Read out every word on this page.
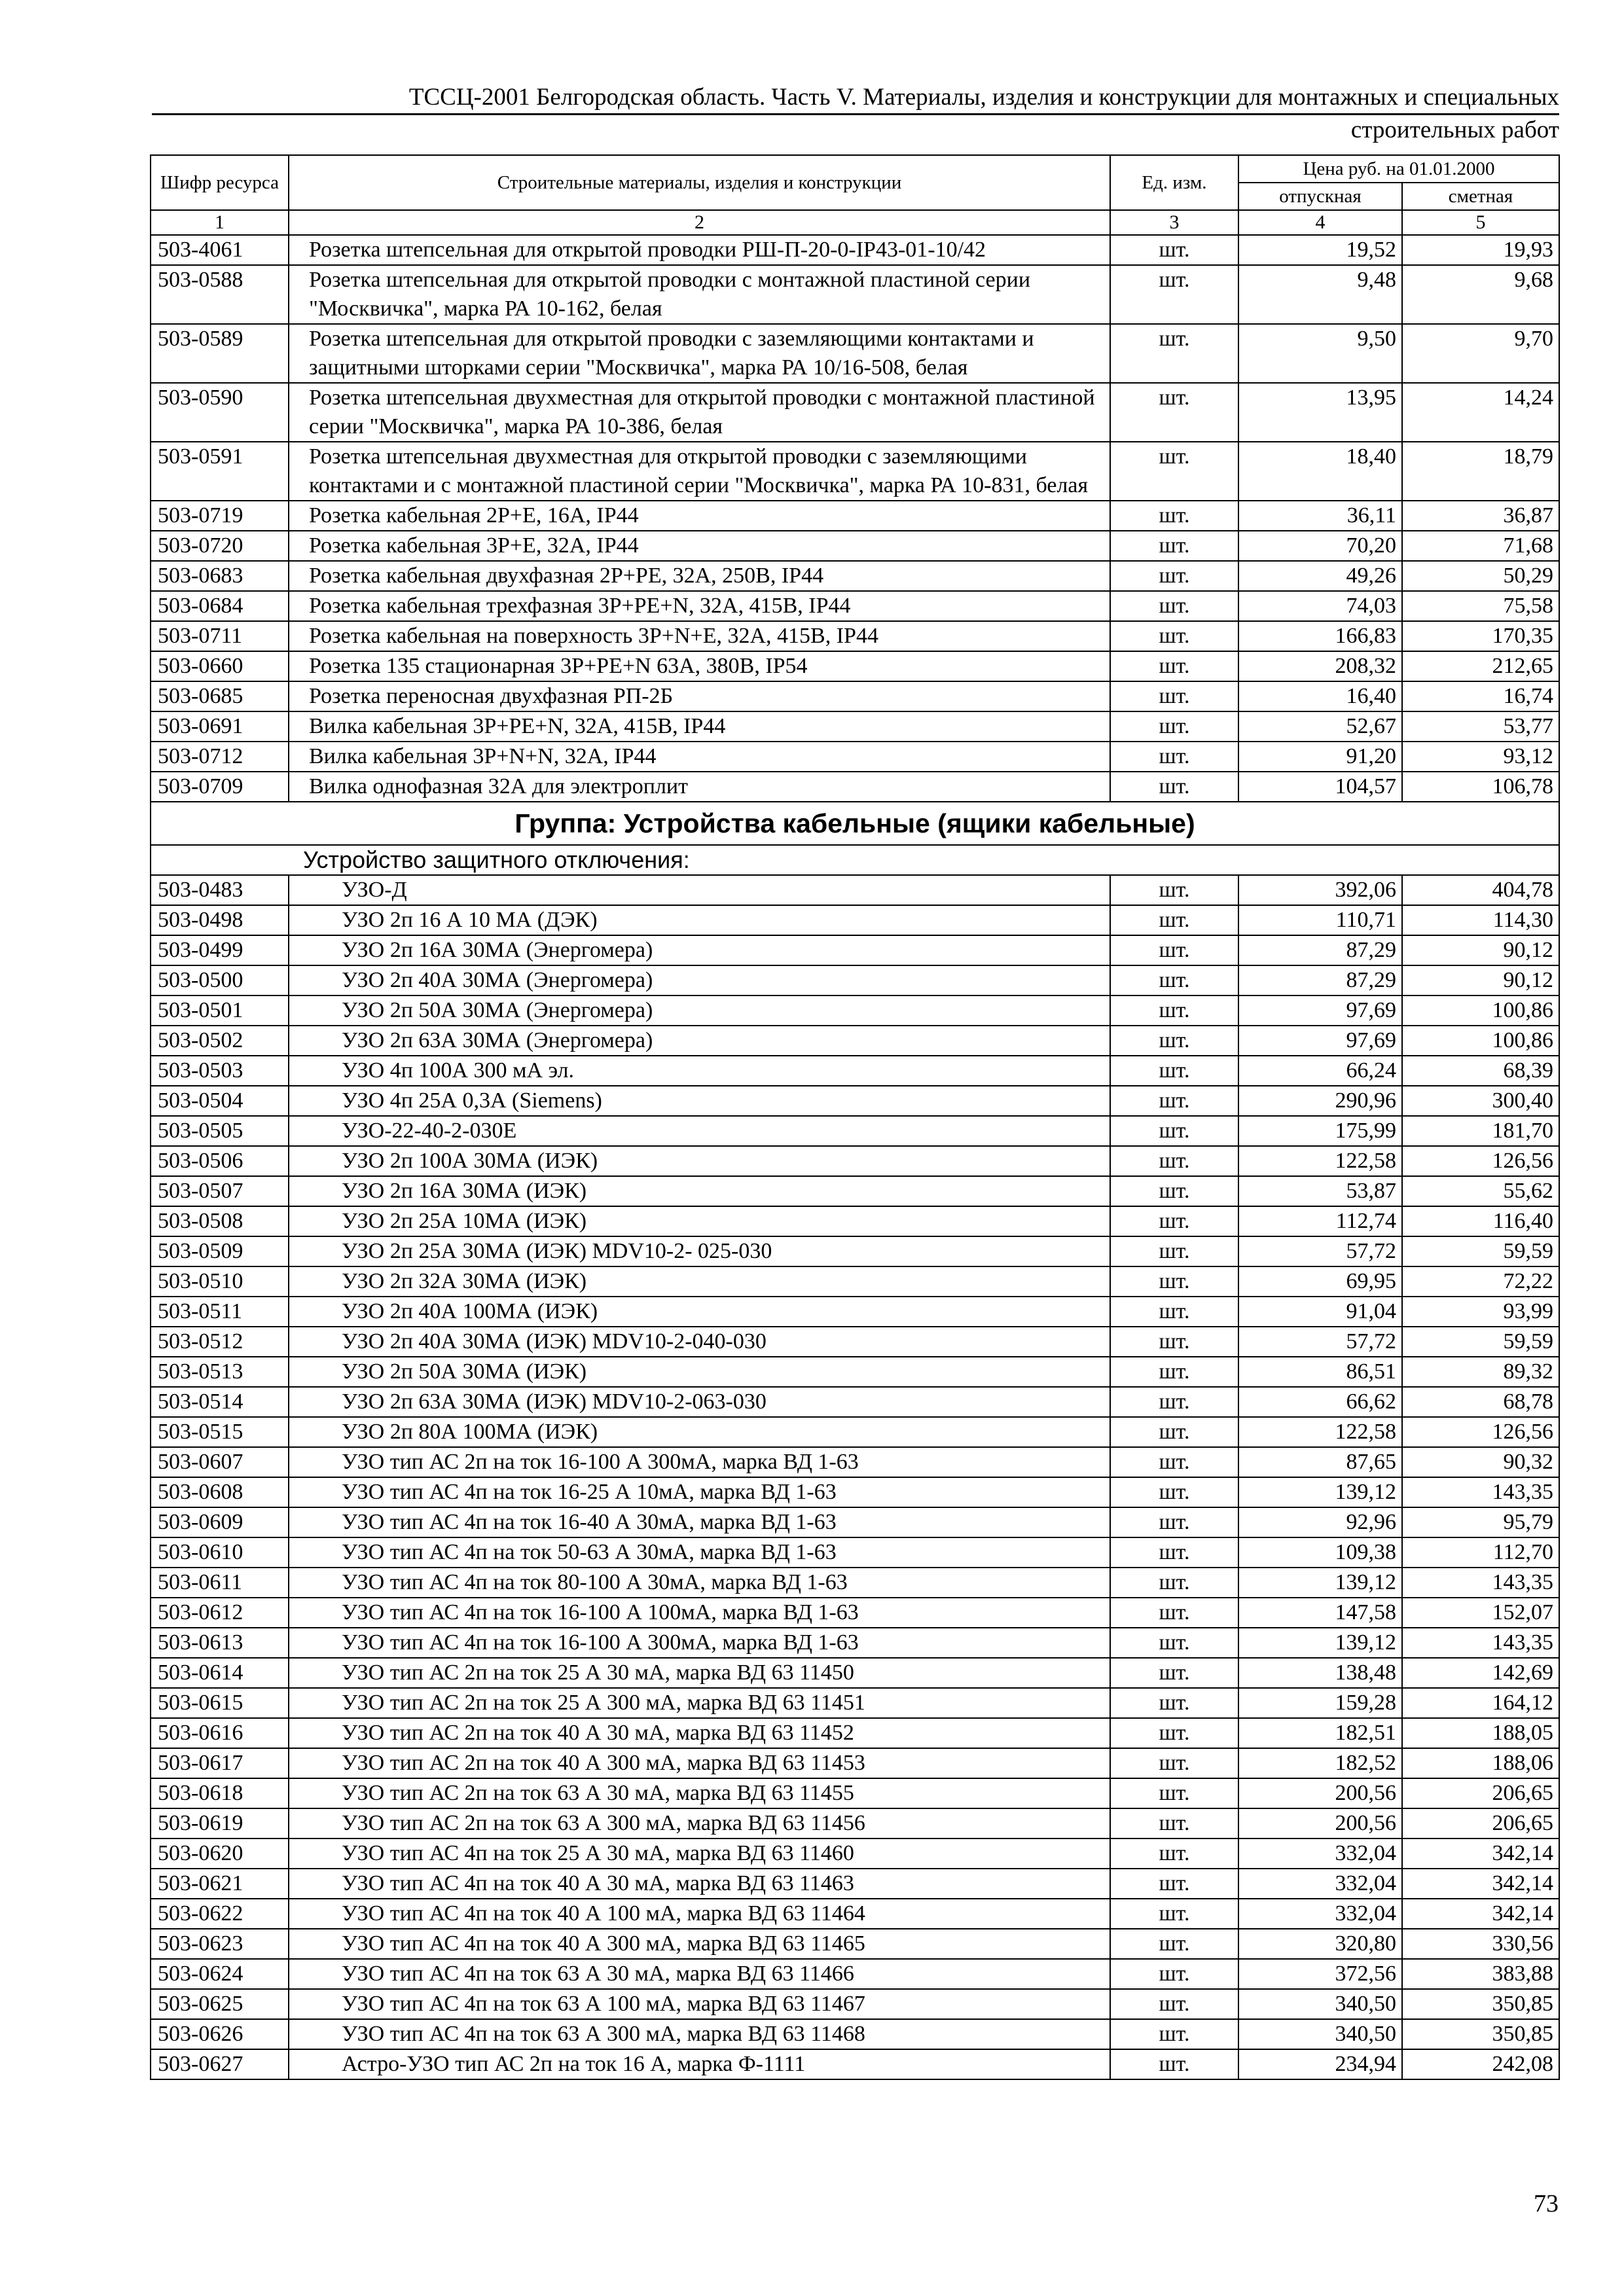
ТССЦ-2001 Белгородская область. Часть V. Материалы, изделия и конструкции для монтажных и специальных
строительных работ
Шифр ресурса	Строительные материалы, изделия и конструкции	Ед. изм.	Цена руб. на 01.01.2000	
			отпускная	сметная
1	2	3	4	5
503-4061	Розетка штепсельная для открытой проводки РШ-П-20-0-IP43-01-10/42	шт.	19,52	19,93
503-0588	Розетка штепсельная для открытой проводки с монтажной пластиной серии "Москвичка", марка РА 10-162, белая	шт.	9,48	9,68
503-0589	Розетка штепсельная для открытой проводки с заземляющими контактами и защитными шторками серии "Москвичка", марка РА 10/16-508, белая	шт.	9,50	9,70
503-0590	Розетка штепсельная двухместная для открытой проводки с монтажной пластиной серии "Москвичка", марка РА 10-386, белая	шт.	13,95	14,24
503-0591	Розетка штепсельная двухместная для открытой проводки с заземляющими контактами и с монтажной пластиной серии "Москвичка", марка РА 10-831, белая	шт.	18,40	18,79
503-0719	Розетка кабельная 2Р+Е, 16А, IP44	шт.	36,11	36,87
503-0720	Розетка кабельная 3Р+Е, 32А, IP44	шт.	70,20	71,68
503-0683	Розетка кабельная двухфазная 2Р+РЕ, 32А, 250В, IP44	шт.	49,26	50,29
503-0684	Розетка кабельная трехфазная 3Р+РЕ+N, 32А, 415В, IP44	шт.	74,03	75,58
503-0711	Розетка кабельная на поверхность 3Р+N+Е, 32А, 415В, IP44	шт.	166,83	170,35
503-0660	Розетка 135 стационарная 3Р+РЕ+N 63А, 380В, IP54	шт.	208,32	212,65
503-0685	Розетка переносная двухфазная РП-2Б	шт.	16,40	16,74
503-0691	Вилка кабельная 3Р+РЕ+N, 32А, 415В, IP44	шт.	52,67	53,77
503-0712	Вилка кабельная 3Р+N+N, 32А, IP44	шт.	91,20	93,12
503-0709	Вилка однофазная 32А для электроплит	шт.	104,57	106,78
Группа: Устройства кабельные (ящики кабельные)				
Устройство защитного отключения:				
503-0483	УЗО-Д	шт.	392,06	404,78
503-0498	УЗО 2п 16 А 10 МА (ДЭК)	шт.	110,71	114,30
503-0499	УЗО 2п 16А 30МА (Энергомера)	шт.	87,29	90,12
503-0500	УЗО 2п 40А 30МА (Энергомера)	шт.	87,29	90,12
503-0501	УЗО 2п 50А 30МА (Энергомера)	шт.	97,69	100,86
503-0502	УЗО 2п 63А 30МА (Энергомера)	шт.	97,69	100,86
503-0503	УЗО 4п 100А 300 мА эл.	шт.	66,24	68,39
503-0504	УЗО 4п 25А 0,3А (Siemens)	шт.	290,96	300,40
503-0505	УЗО-22-40-2-030Е	шт.	175,99	181,70
503-0506	УЗО 2п 100А 30МА (ИЭК)	шт.	122,58	126,56
503-0507	УЗО 2п 16А 30МА (ИЭК)	шт.	53,87	55,62
503-0508	УЗО 2п 25А 10МА (ИЭК)	шт.	112,74	116,40
503-0509	УЗО 2п 25А 30МА (ИЭК) MDV10-2- 025-030	шт.	57,72	59,59
503-0510	УЗО 2п 32А 30МА (ИЭК)	шт.	69,95	72,22
503-0511	УЗО 2п 40А 100МА (ИЭК)	шт.	91,04	93,99
503-0512	УЗО 2п 40А 30МА (ИЭК) MDV10-2-040-030	шт.	57,72	59,59
503-0513	УЗО 2п 50А 30МА (ИЭК)	шт.	86,51	89,32
503-0514	УЗО 2п 63А 30МА (ИЭК) MDV10-2-063-030	шт.	66,62	68,78
503-0515	УЗО 2п 80А 100МА (ИЭК)	шт.	122,58	126,56
503-0607	УЗО тип АС 2п на ток 16-100 А 300мА, марка ВД 1-63	шт.	87,65	90,32
503-0608	УЗО тип АС 4п на ток 16-25 А 10мА, марка ВД 1-63	шт.	139,12	143,35
503-0609	УЗО тип АС 4п на ток 16-40 А 30мА, марка ВД 1-63	шт.	92,96	95,79
503-0610	УЗО тип АС 4п на ток 50-63 А 30мА, марка ВД 1-63	шт.	109,38	112,70
503-0611	УЗО тип АС 4п на ток 80-100 А 30мА, марка ВД 1-63	шт.	139,12	143,35
503-0612	УЗО тип АС 4п на ток 16-100 А 100мА, марка ВД 1-63	шт.	147,58	152,07
503-0613	УЗО тип АС 4п на ток 16-100 А 300мА, марка ВД 1-63	шт.	139,12	143,35
503-0614	УЗО тип АС 2п на ток 25 А 30 мА, марка ВД 63 11450	шт.	138,48	142,69
503-0615	УЗО тип АС 2п на ток 25 А 300 мА, марка ВД 63 11451	шт.	159,28	164,12
503-0616	УЗО тип АС 2п на ток 40 А 30 мА, марка ВД 63 11452	шт.	182,51	188,05
503-0617	УЗО тип АС 2п на ток 40 А 300 мА, марка ВД 63 11453	шт.	182,52	188,06
503-0618	УЗО тип АС 2п на ток 63 А 30 мА, марка ВД 63 11455	шт.	200,56	206,65
503-0619	УЗО тип АС 2п на ток 63 А 300 мА, марка ВД 63 11456	шт.	200,56	206,65
503-0620	УЗО тип АС 4п на ток 25 А 30 мА, марка ВД 63 11460	шт.	332,04	342,14
503-0621	УЗО тип АС 4п на ток 40 А 30 мА, марка ВД 63 11463	шт.	332,04	342,14
503-0622	УЗО тип АС 4п на ток 40 А 100 мА, марка ВД 63 11464	шт.	332,04	342,14
503-0623	УЗО тип АС 4п на ток 40 А 300 мА, марка ВД 63 11465	шт.	320,80	330,56
503-0624	УЗО тип АС 4п на ток 63 А 30 мА, марка ВД 63 11466	шт.	372,56	383,88
503-0625	УЗО тип АС 4п на ток 63 А 100 мА, марка ВД 63 11467	шт.	340,50	350,85
503-0626	УЗО тип АС 4п на ток 63 А 300 мА, марка ВД 63 11468	шт.	340,50	350,85
503-0627	Астро-УЗО тип АС 2п на ток 16 А, марка Ф-1111	шт.	234,94	242,08
73
